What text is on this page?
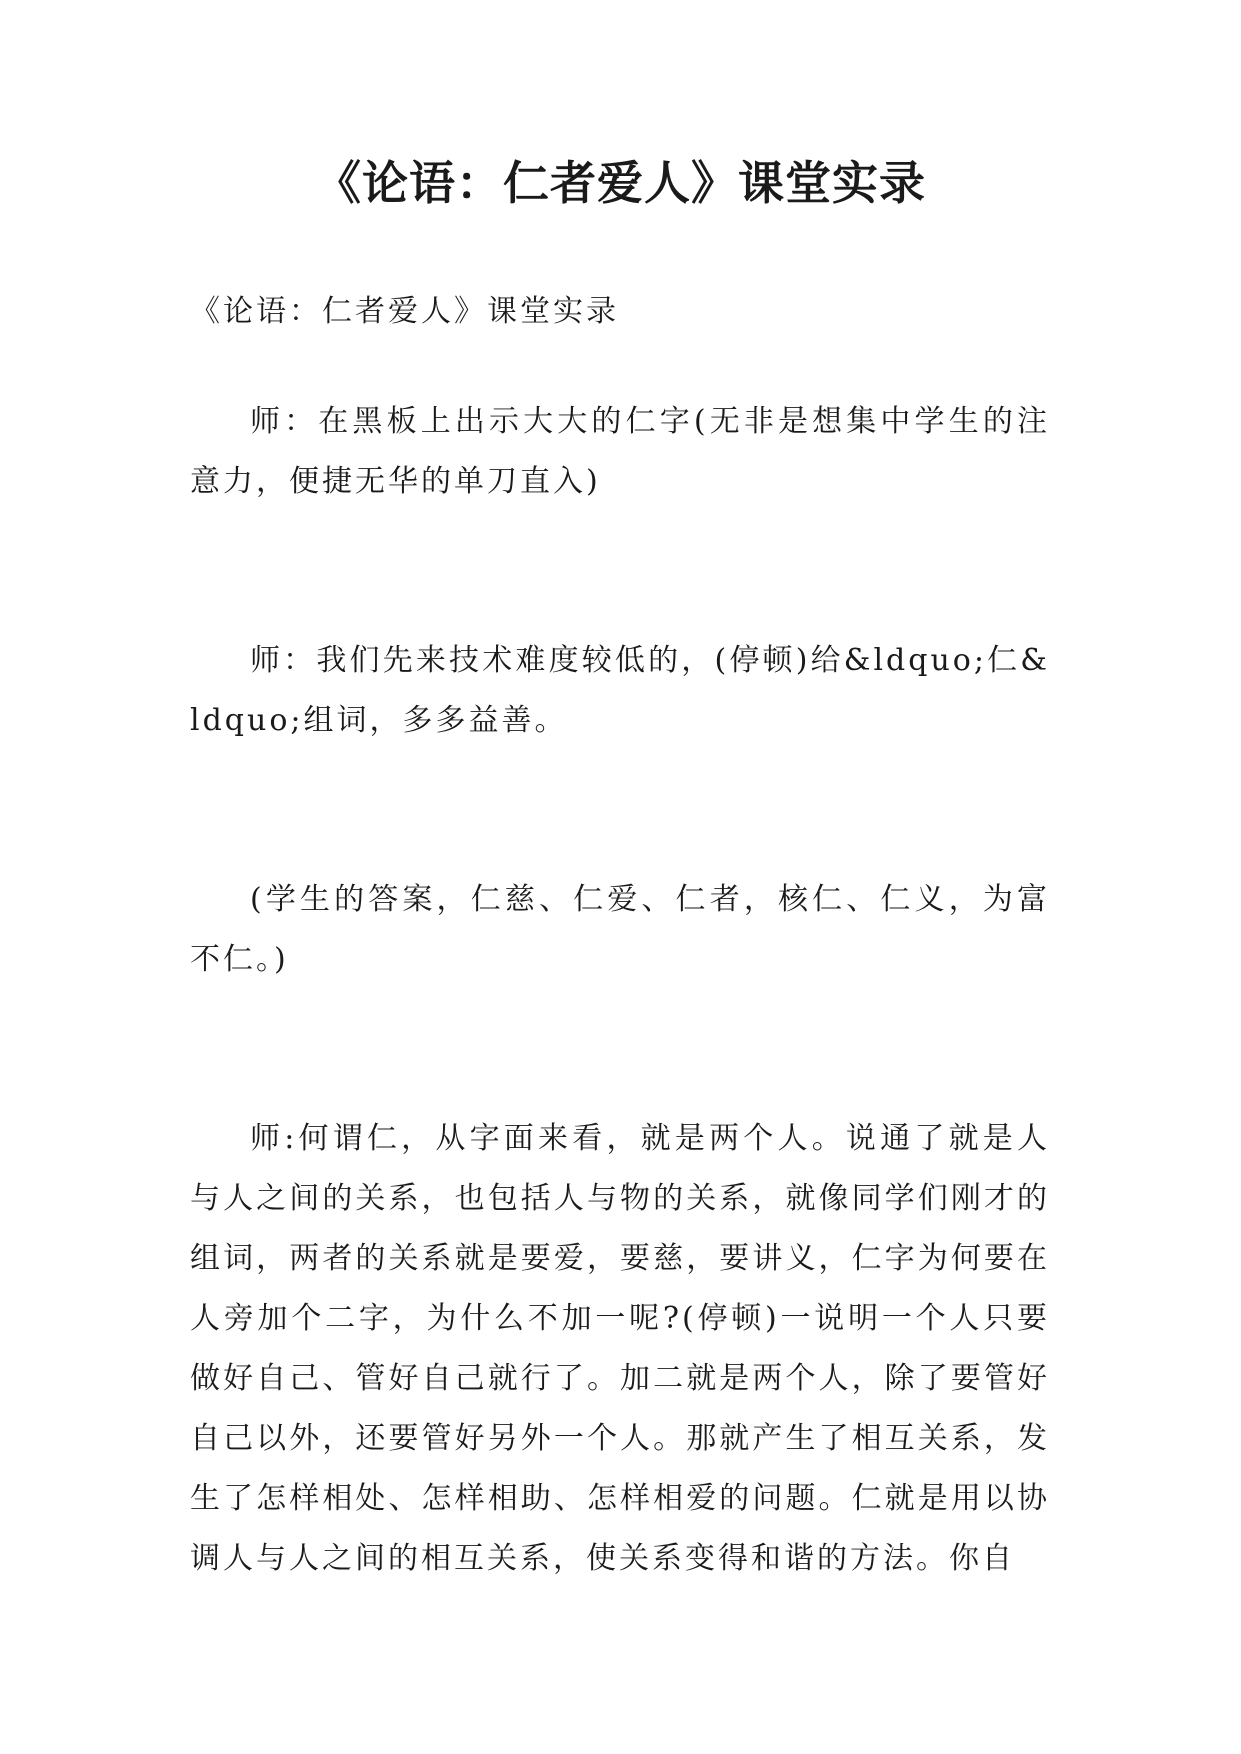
《论语：仁者爱人》课堂实录

《论语：仁者爱人》课堂实录

师：在黑板上出示大大的仁字(无非是想集中学生的注意力，便捷无华的单刀直入)

师：我们先来技术难度较低的，(停顿)给&ldquo;仁&ldquo;组词，多多益善。

(学生的答案，仁慈、仁爱、仁者，核仁、仁义，为富不仁。)

师:何谓仁，从字面来看，就是两个人。说通了就是人与人之间的关系，也包括人与物的关系，就像同学们刚才的组词，两者的关系就是要爱，要慈，要讲义，仁字为何要在人旁加个二字，为什么不加一呢?(停顿)一说明一个人只要做好自己、管好自己就行了。加二就是两个人，除了要管好自己以外，还要管好另外一个人。那就产生了相互关系，发生了怎样相处、怎样相助、怎样相爱的问题。仁就是用以协调人与人之间的相互关系，使关系变得和谐的方法。你自
